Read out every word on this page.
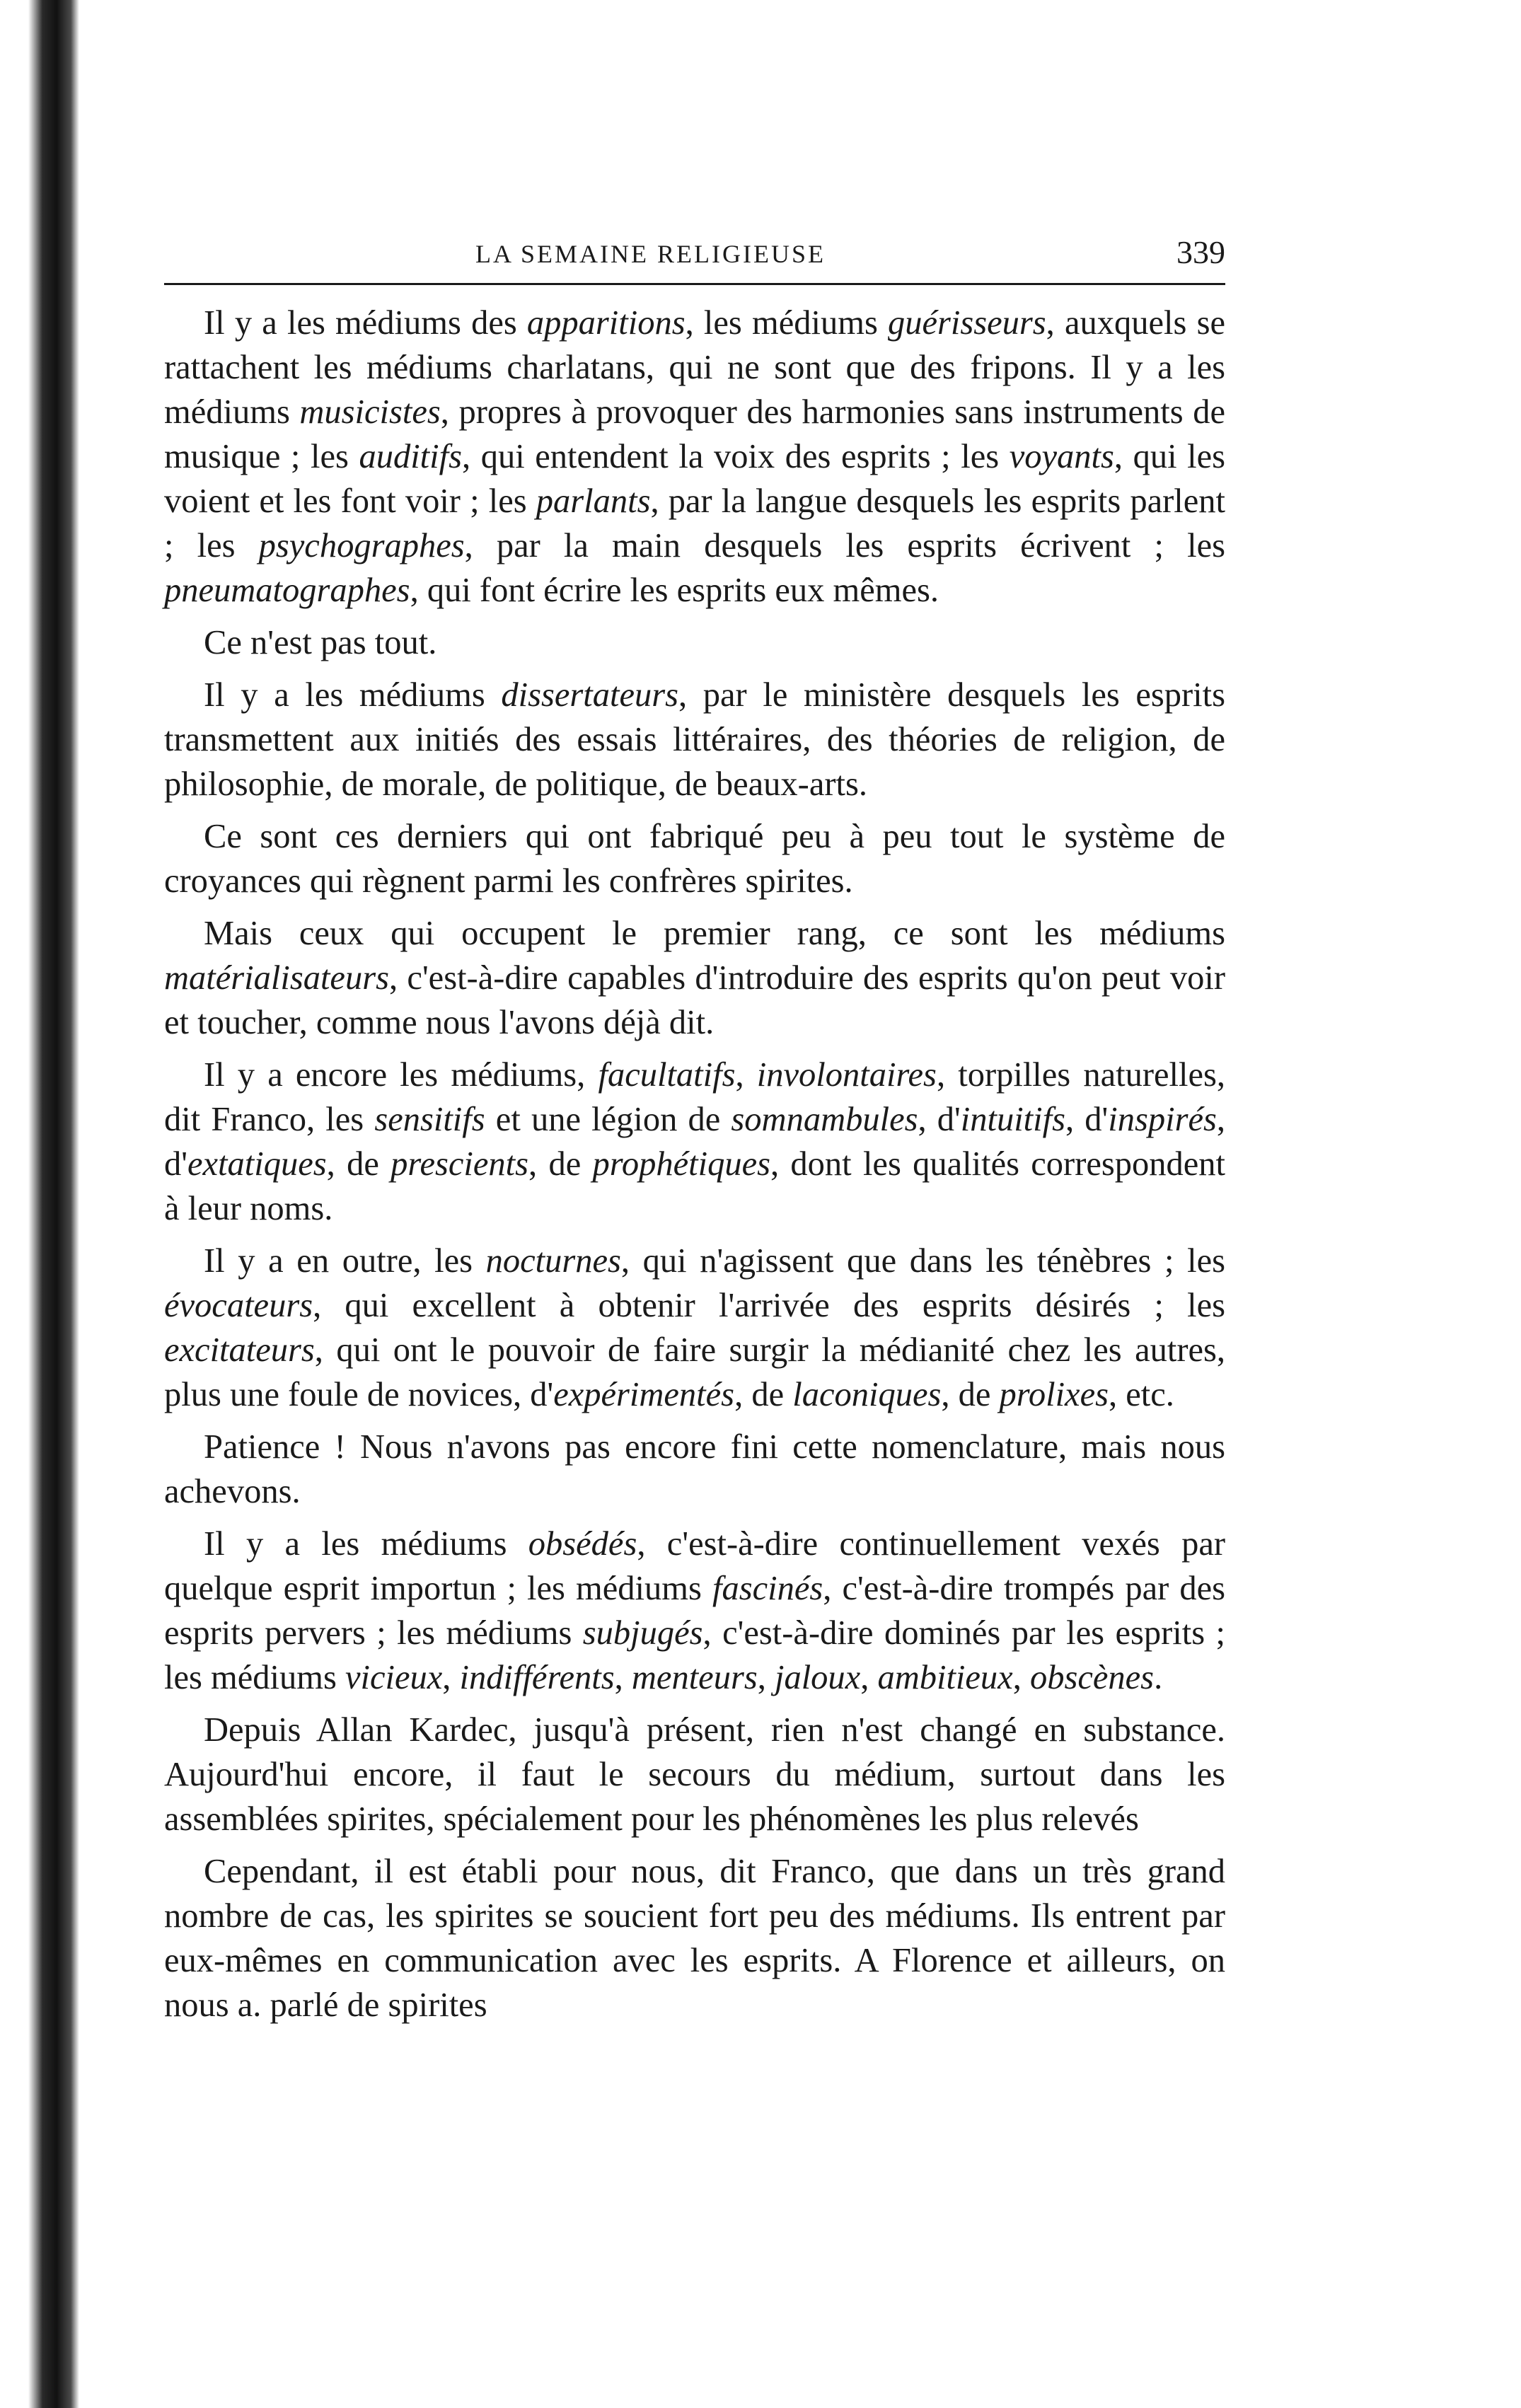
LA SEMAINE RELIGIEUSE	339

Il y a les médiums des apparitions, les médiums guérisseurs, auxquels se rattachent les médiums charlatans, qui ne sont que des fripons. Il y a les médiums musicistes, propres à provoquer des harmonies sans instruments de musique ; les auditifs, qui entendent la voix des esprits ; les voyants, qui les voient et les font voir ; les parlants, par la langue desquels les esprits parlent ; les psychographes, par la main desquels les esprits écrivent ; les pneumatographes, qui font écrire les esprits eux mêmes.

Ce n'est pas tout.

Il y a les médiums dissertateurs, par le ministère desquels les esprits transmettent aux initiés des essais littéraires, des théories de religion, de philosophie, de morale, de politique, de beaux-arts.

Ce sont ces derniers qui ont fabriqué peu à peu tout le système de croyances qui règnent parmi les confrères spirites.

Mais ceux qui occupent le premier rang, ce sont les médiums matérialisateurs, c'est-à-dire capables d'introduire des esprits qu'on peut voir et toucher, comme nous l'avons déjà dit.

Il y a encore les médiums, facultatifs, involontaires, torpilles naturelles, dit Franco, les sensitifs et une légion de somnambules, d'intuitifs, d'inspirés, d'extatiques, de prescients, de prophétiques, dont les qualités correspondent à leur noms.

Il y a en outre, les nocturnes, qui n'agissent que dans les ténèbres ; les évocateurs, qui excellent à obtenir l'arrivée des esprits désirés ; les excitateurs, qui ont le pouvoir de faire surgir la médianité chez les autres, plus une foule de novices, d'expérimentés, de laconiques, de prolixes, etc.

Patience ! Nous n'avons pas encore fini cette nomenclature, mais nous achevons.

Il y a les médiums obsédés, c'est-à-dire continuellement vexés par quelque esprit importun ; les médiums fascinés, c'est-à-dire trompés par des esprits pervers ; les médiums subjugés, c'est-à-dire dominés par les esprits ; les médiums vicieux, indifférents, menteurs, jaloux, ambitieux, obscènes.

Depuis Allan Kardec, jusqu'à présent, rien n'est changé en substance. Aujourd'hui encore, il faut le secours du médium, surtout dans les assemblées spirites, spécialement pour les phénomènes les plus relevés

Cependant, il est établi pour nous, dit Franco, que dans un très grand nombre de cas, les spirites se soucient fort peu des médiums. Ils entrent par eux-mêmes en communication avec les esprits. A Florence et ailleurs, on nous a. parlé de spirites
